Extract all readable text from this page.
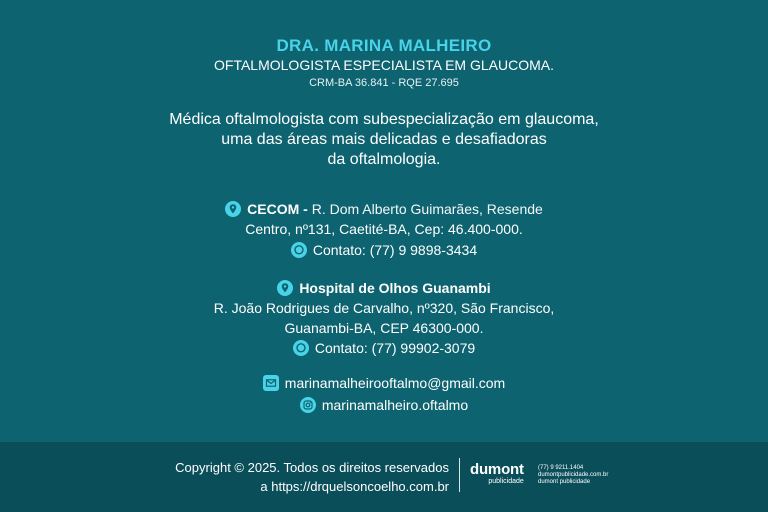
DRA. MARINA MALHEIRO
OFTALMOLOGISTA ESPECIALISTA EM GLAUCOMA.
CRM-BA 36.841 - RQE 27.695
Médica oftalmologista com subespecialização em glaucoma,
uma das áreas mais delicadas e desafiadoras
da oftalmologia.
CECOM - R. Dom Alberto Guimarães, Resende
Centro, nº131, Caetité-BA, Cep: 46.400-000.
Contato: (77) 9 9898-3434
Hospital de Olhos Guanambi
R. João Rodrigues de Carvalho, nº320, São Francisco,
Guanambi-BA, CEP 46300-000.
Contato: (77) 99902-3079
marinamalheirooftalmo@gmail.com
marinamalheiro.oftalmo
Copyright © 2025. Todos os direitos reservados
a https://drquelsoncoelho.com.br
dumont
publicidade
(77) 9 9211.1404
dumontpublicidade.com.br
dumont publicidade
